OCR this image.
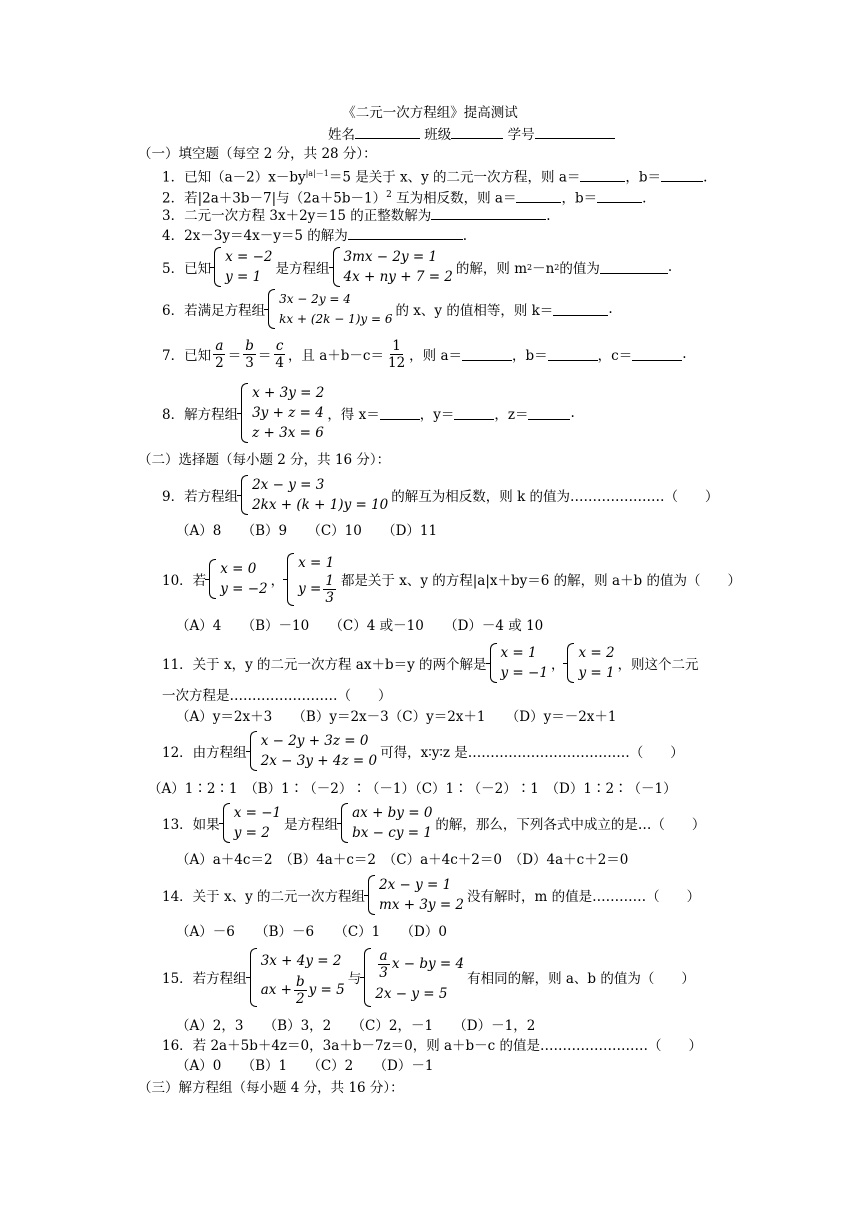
《二元一次方程组》提高测试
姓名	班级	学号
（一）填空题（每空 2 分，共 28 分）：
1．已知$(a-2)x-by^{|a|-1}=5$ 是关于 x、y 的二元一次方程，则 a＝	，b＝	.
2．若|2a＋3b－7|与$(2a+5b-1)^2$ 互为相反数，则 a＝	，b＝	.
3．二元一次方程 3x＋2y＝15 的正整数解为	.
4．2x－3y＝4x－y＝5 的解为	.
5．已知
x = −2
y = 1	是方程组
3mx − 2y = 1
4x + ny + 7 = 2 的解，则 m 2 －n 2 的值为	.
6．若满足方程组
3x − 2y = 4
kx + (2k − 1)y = 6 的 x、y 的值相等，则 k＝	.
7．已知 $\frac{a}{2} = \frac{b}{3} = \frac{c}{4}$ ，且 $a+b-c= \frac{1}{12}$ ，则 a＝	，b＝	，c＝	.
8．解方程组
x + 3y = 2
3y + z = 4
z + 3x = 6
，得 x＝	，y＝	，z＝	.
（二）选择题（每小题 2 分，共 16 分）：
9．若方程组
2x − y = 3
2kx + (k + 1)y = 10 的解互为相反数，则 k 的值为…………………（　　）
（A）8　　（B）9　　（C）10　　（D）11
10．若
x = 0
y = −2 ，
x = 1
$y = \frac{1}{3}$ 都是关于 x、y 的方程|a|x＋by＝6 的解，则 a＋b 的值为（　　）
（A）4　　（B）－10　　（C）4 或－10　　（D）－4 或 10
11．关于 x，y 的二元一次方程 ax＋b＝y 的两个解是
x = 1
y = −1 ，
x = 2
y = 1 ，则这个二元
一次方程是……………………（　　）
（A）y＝2x＋3　　（B）y＝2x－3（C）y＝2x＋1　　（D）y＝－2x＋1
12．由方程组
x − 2y + 3z = 0
2x − 3y + 4z = 0 可得，x∶y∶z 是………………………………（　　）
（A）1∶2∶1　（B）1∶（－2）∶（－1）（C）1∶（－2）∶1　（D）1∶2∶（－1）
13．如果
x = −1
y = 2	是方程组
ax + by = 0
bx − cy = 1 的解，那么，下列各式中成立的是…（　　）
（A）a＋4c＝2　（B）4a＋c＝2　（C）a＋4c＋2＝0　（D）4a＋c＋2＝0
14．关于 x、y 的二元一次方程组
2x − y = 1
mx + 3y = 2 没有解时，m 的值是…………（　　）
（A）－6　　（B）－6　　（C）1　　（D）0
15．若方程组
3x + 4y = 2
ax + $\frac{b}{2}$ y = 5
与 $\frac{a}{3}$ x − by = 4
2x − y = 5
有相同的解，则 a、b 的值为（　　）
（A）2，3　　（B）3，2　　（C）2，－1　　（D）－1，2
16．若 2a＋5b＋4z＝0，3a＋b－7z＝0，则 a＋b－c 的值是……………………（　　）
（A）0　　（B）1　　（C）2　　（D）－1
（三）解方程组（每小题 4 分，共 16 分）：
